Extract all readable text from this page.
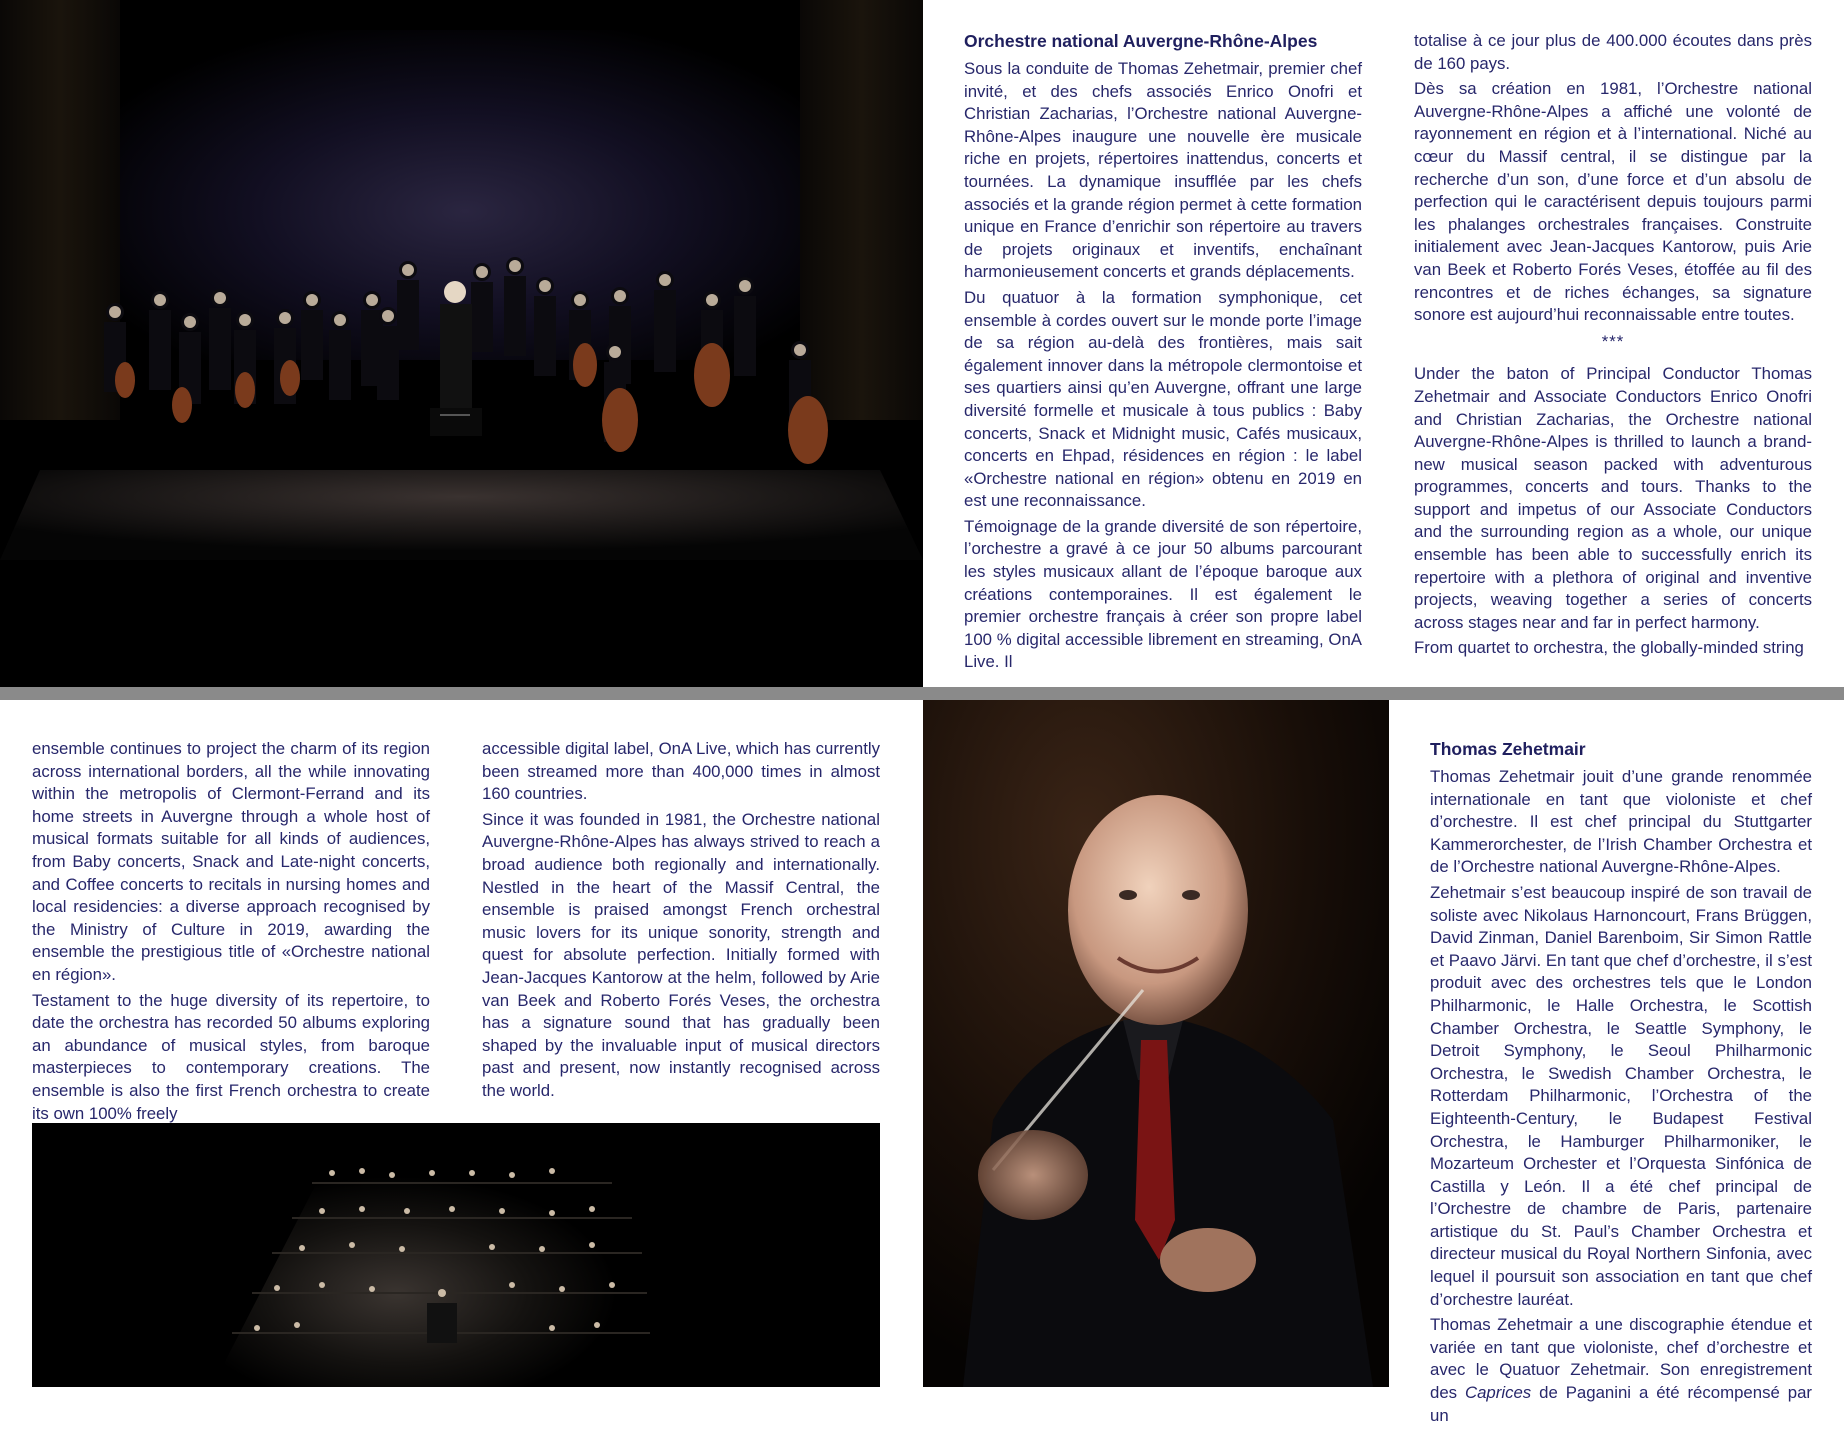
Orchestre national Auvergne-Rhône-Alpes

Sous la conduite de Thomas Zehetmair, premier chef invité, et des chefs associés Enrico Onofri et Christian Zacharias, l’Orchestre national Auvergne-Rhône-Alpes inaugure une nouvelle ère musicale riche en projets, répertoires inattendus, concerts et tournées. La dynamique insufflée par les chefs associés et la grande région permet à cette formation unique en France d’enrichir son répertoire au travers de projets originaux et inventifs, enchaînant harmonieusement concerts et grands déplacements.

Du quatuor à la formation symphonique, cet ensemble à cordes ouvert sur le monde porte l’image de sa région au-delà des frontières, mais sait également innover dans la métropole clermontoise et ses quartiers ainsi qu’en Auvergne, offrant une large diversité formelle et musicale à tous publics : Baby concerts, Snack et Midnight music, Cafés musicaux, concerts en Ehpad, résidences en région : le label «Orchestre national en région» obtenu en 2019 en est une reconnaissance.

Témoignage de la grande diversité de son répertoire, l’orchestre a gravé à ce jour 50 albums parcourant les styles musicaux allant de l’époque baroque aux créations contemporaines. Il est également le premier orchestre français à créer son propre label 100 % digital accessible librement en streaming, OnA Live. Il

totalise à ce jour plus de 400.000 écoutes dans près de 160 pays.

Dès sa création en 1981, l’Orchestre national Auvergne-Rhône-Alpes a affiché une volonté de rayonnement en région et à l’international. Niché au cœur du Massif central, il se distingue par la recherche d’un son, d’une force et d’un absolu de perfection qui le caractérisent depuis toujours parmi les phalanges orchestrales françaises. Construite initialement avec Jean-Jacques Kantorow, puis Arie van Beek et Roberto Forés Veses, étoffée au fil des rencontres et de riches échanges, sa signature sonore est aujourd’hui reconnaissable entre toutes.

***

Under the baton of Principal Conductor Thomas Zehetmair and Associate Conductors Enrico Onofri and Christian Zacharias, the Orchestre national Auvergne-Rhône-Alpes is thrilled to launch a brand-new musical season packed with adventurous programmes, concerts and tours. Thanks to the support and impetus of our Associate Conductors and the surrounding region as a whole, our unique ensemble has been able to successfully enrich its repertoire with a plethora of original and inventive projects, weaving together a series of concerts across stages near and far in perfect harmony.

From quartet to orchestra, the globally-minded string

ensemble continues to project the charm of its region across international borders, all the while innovating within the metropolis of Clermont-Ferrand and its home streets in Auvergne through a whole host of musical formats suitable for all kinds of audiences, from Baby concerts, Snack and Late-night concerts, and Coffee concerts to recitals in nursing homes and local residencies: a diverse approach recognised by the Ministry of Culture in 2019, awarding the ensemble the prestigious title of «Orchestre national en région».

Testament to the huge diversity of its repertoire, to date the orchestra has recorded 50 albums exploring an abundance of musical styles, from baroque masterpieces to contemporary creations. The ensemble is also the first French orchestra to create its own 100% freely

accessible digital label, OnA Live, which has currently been streamed more than 400,000 times in almost 160 countries.

Since it was founded in 1981, the Orchestre national Auvergne-Rhône-Alpes has always strived to reach a broad audience both regionally and internationally. Nestled in the heart of the Massif Central, the ensemble is praised amongst French orchestral music lovers for its unique sonority, strength and quest for absolute perfection. Initially formed with Jean-Jacques Kantorow at the helm, followed by Arie van Beek and Roberto Forés Veses, the orchestra has a signature sound that has gradually been shaped by the invaluable input of musical directors past and present, now instantly recognised across the world.

Thomas Zehetmair

Thomas Zehetmair jouit d’une grande renommée internationale en tant que violoniste et chef d’orchestre. Il est chef principal du Stuttgarter Kammerorchester, de l’Irish Chamber Orchestra et de l’Orchestre national Auvergne-Rhône-Alpes.

Zehetmair s’est beaucoup inspiré de son travail de soliste avec Nikolaus Harnoncourt, Frans Brüggen, David Zinman, Daniel Barenboim, Sir Simon Rattle et Paavo Järvi. En tant que chef d’orchestre, il s’est produit avec des orchestres tels que le London Philharmonic, le Halle Orchestra, le Scottish Chamber Orchestra, le Seattle Symphony, le Detroit Symphony, le Seoul Philharmonic Orchestra, le Swedish Chamber Orchestra, le Rotterdam Philharmonic, l’Orchestra of the Eighteenth-Century, le Budapest Festival Orchestra, le Hamburger Philharmoniker, le Mozarteum Orchester et l’Orquesta Sinfónica de Castilla y León. Il a été chef principal de l’Orchestre de chambre de Paris, partenaire artistique du St. Paul’s Chamber Orchestra et directeur musical du Royal Northern Sinfonia, avec lequel il poursuit son association en tant que chef d’orchestre lauréat.

Thomas Zehetmair a une discographie étendue et variée en tant que violoniste, chef d’orchestre et avec le Quatuor Zehetmair. Son enregistrement des Caprices de Paganini a été récompensé par un
